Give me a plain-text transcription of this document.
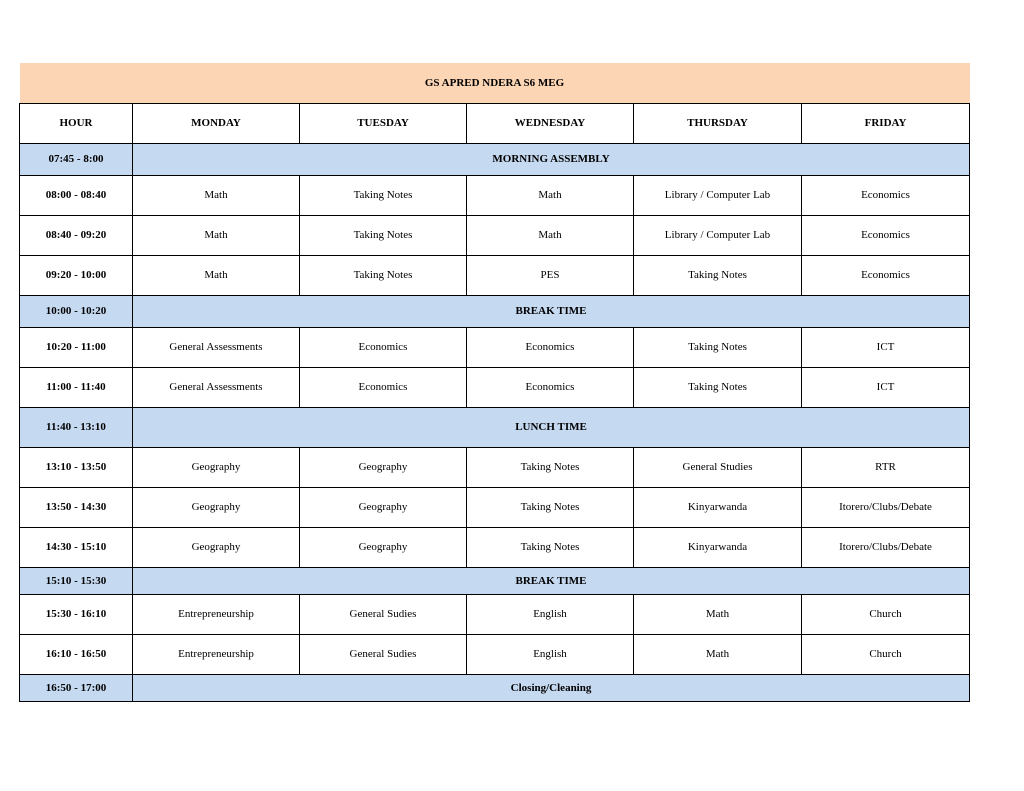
GS APRED NDERA S6 MEG					
HOUR	MONDAY	TUESDAY	WEDNESDAY	THURSDAY	FRIDAY
07:45 - 8:00	MORNING ASSEMBLY				
08:00 - 08:40	Math	Taking Notes	Math	Library / Computer Lab	Economics
08:40 - 09:20	Math	Taking Notes	Math	Library / Computer Lab	Economics
09:20 - 10:00	Math	Taking Notes	PES	Taking Notes	Economics
10:00 - 10:20	BREAK TIME				
10:20 - 11:00	General Assessments	Economics	Economics	Taking Notes	ICT
11:00 - 11:40	General Assessments	Economics	Economics	Taking Notes	ICT
11:40 - 13:10	LUNCH TIME				
13:10 - 13:50	Geography	Geography	Taking Notes	General Studies	RTR
13:50 - 14:30	Geography	Geography	Taking Notes	Kinyarwanda	Itorero/Clubs/Debate
14:30 - 15:10	Geography	Geography	Taking Notes	Kinyarwanda	Itorero/Clubs/Debate
15:10 - 15:30	BREAK TIME				
15:30 - 16:10	Entrepreneurship	General Sudies	English	Math	Church
16:10 - 16:50	Entrepreneurship	General Sudies	English	Math	Church
16:50 - 17:00	Closing/Cleaning				
